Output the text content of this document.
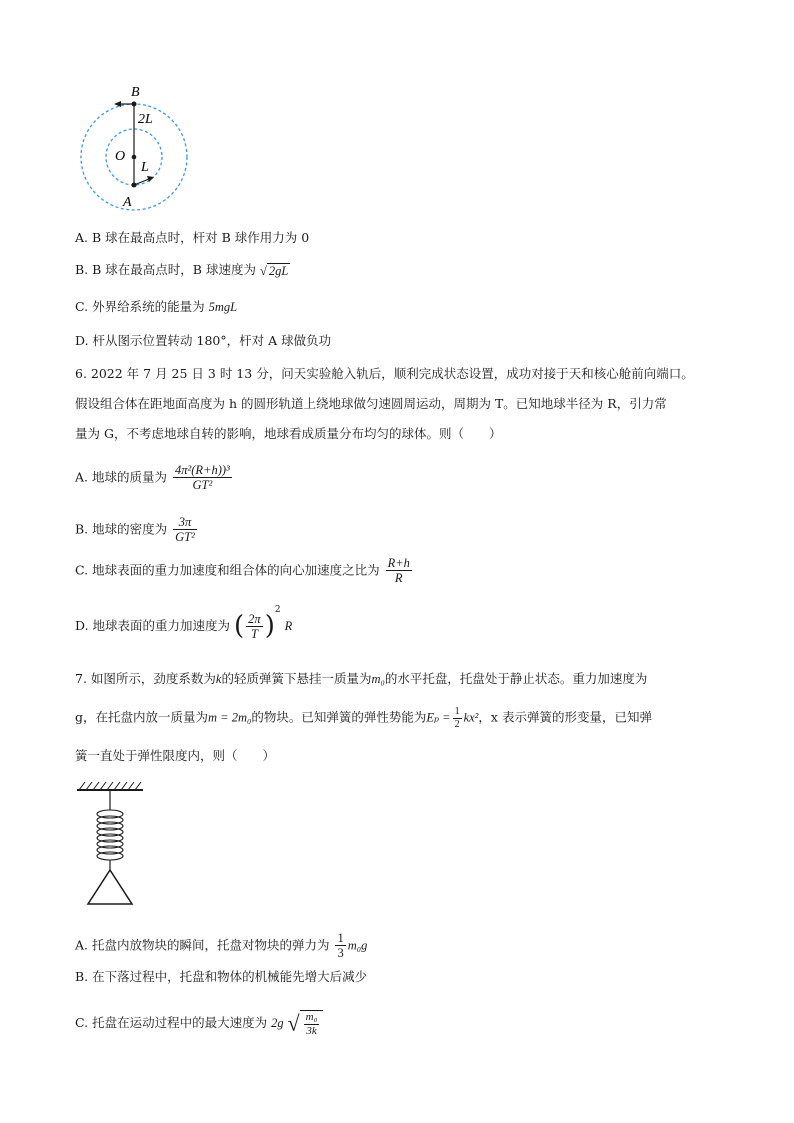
B
2L
O
L
A
A. B 球在最高点时，杆对 B 球作用力为 0
B. B 球在最高点时，B 球速度为 √ 2gL
C. 外界给系统的能量为 5mgL
D. 杆从图示位置转动 180°，杆对 A 球做负功
6. 2022 年 7 月 25 日 3 时 13 分，问天实验舱入轨后，顺利完成状态设置，成功对接于天和核心舱前向端口。
假设组合体在距地面高度为 h 的圆形轨道上绕地球做匀速圆周运动，周期为 T。已知地球半径为 R，引力常
量为 G，不考虑地球自转的影响，地球看成质量分布均匀的球体。则（　　）
A. 地球的质量为 $\frac{\text{4π²(R+h))³}}{\text{GT²}}$
B. 地球的密度为 $\frac{3\pi}{\text{GT²}}$
C. 地球表面的重力加速度和组合体的向心加速度之比为 $\frac{R+h}{R}$
D. 地球表面的重力加速度为 ( $\frac{2\pi}{T} )^2$ R
7. 如图所示，劲度系数为k的轻质弹簧下悬挂一质量为m₀的水平托盘，托盘处于静止状态。重力加速度为
g，在托盘内放一质量为m = 2m₀的物块。已知弹簧的弹性势能为$E_p = \frac{1}{2} kx^2$，x 表示弹簧的形变量，已知弹
簧一直处于弹性限度内，则（　　）
A. 托盘内放物块的瞬间，托盘对物块的弹力为 $\frac{1}{3} m_0g$
B. 在下落过程中，托盘和物体的机械能先增大后减少
C. 托盘在运动过程中的最大速度为 2g √ $\frac{\text{m₀}}{3k}$
